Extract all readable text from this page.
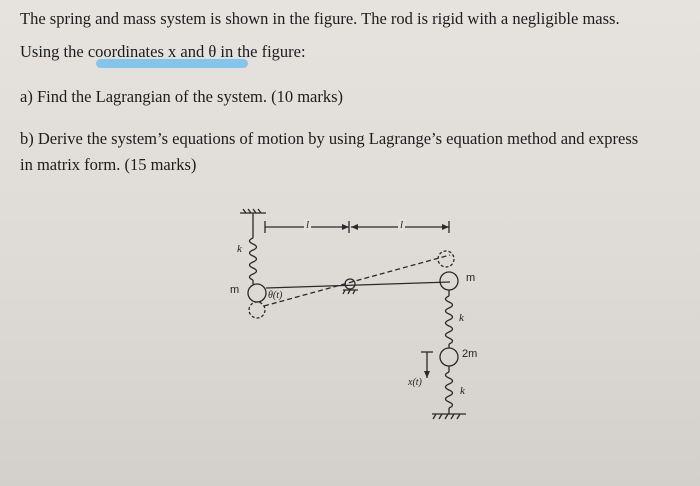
The spring and mass system is shown in the figure. The rod is rigid with a negligible mass.
Using the coordinates x and θ in the figure:
a) Find the Lagrangian of the system. (10 marks)
b) Derive the system’s equations of motion by using Lagrange’s equation method and express
in matrix form. (15 marks)
k
m	θ(t)
l	l
m
k
2m
x(t)
k
